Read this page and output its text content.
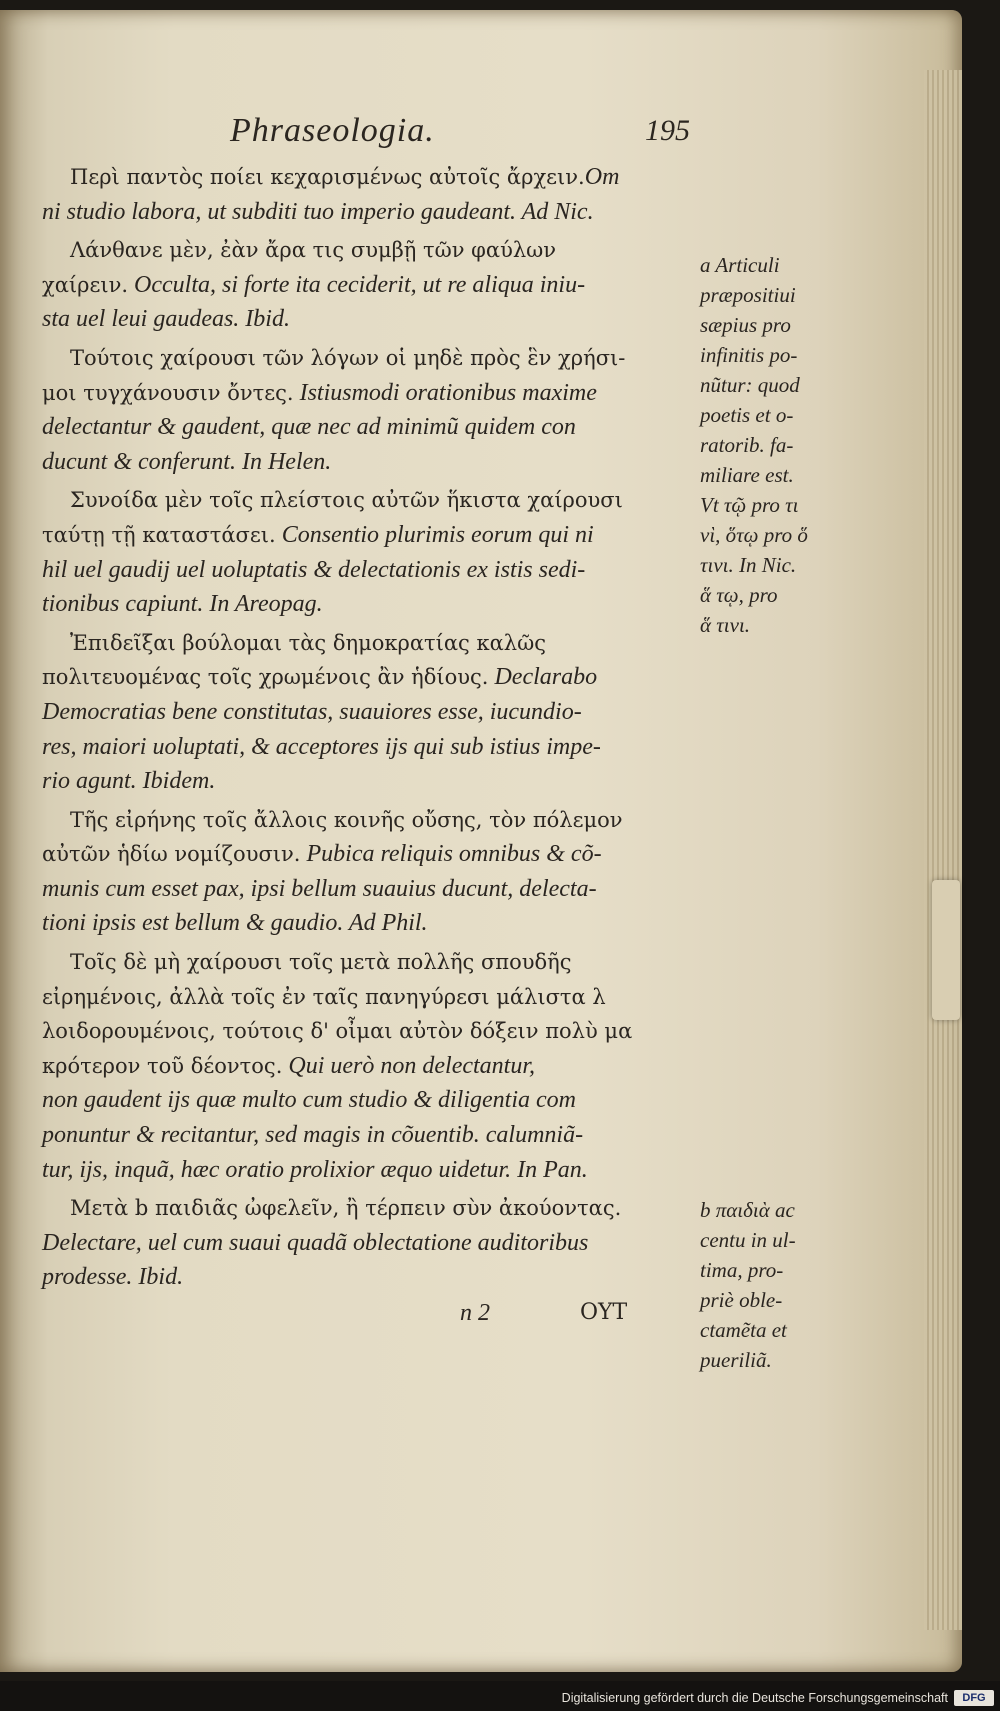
Phraseologia.	195
Περὶ παντὸς ποίει κεχαρισμένως αὐτοῖς ἄρχειν.Om
ni studio labora, ut subditi tuo imperio gaudeant. Ad Nic.
Λάνθανε μὲν, ἐὰν ἄρα τις συμβῇ τῶν φαύλων
χαίρειν. Occulta, si forte ita ceciderit, ut re aliqua iniu-
sta uel leui gaudeas. Ibid.
Τούτοις χαίρουσι τῶν λόγων οἱ μηδὲ πρὸς ἓν χρήσι-
μοι τυγχάνουσιν ὄντες. Istiusmodi orationibus maxime
delectantur & gaudent, quæ nec ad minimũ quidem con
ducunt & conferunt. In Helen.
Συνοίδα μὲν τοῖς πλείστοις αὐτῶν ἥκιστα χαίρουσι
ταύτῃ τῇ καταστάσει. Consentio plurimis eorum qui ni
hil uel gaudij uel uoluptatis & delectationis ex istis sedi-
tionibus capiunt. In Areopag.
Ἐπιδεῖξαι βούλομαι τὰς δημοκρατίας καλῶς
πολιτευομένας τοῖς χρωμένοις ἂν ἡδίους. Declarabo
Democratias bene constitutas, suauiores esse, iucundio-
res, maiori uoluptati, & acceptores ijs qui sub istius impe-
rio agunt. Ibidem.
Τῆς εἰρήνης τοῖς ἄλλοις κοινῆς οὔσης, τὸν πόλεμον
αὐτῶν ἡδίω νομίζουσιν. Pubica reliquis omnibus & cõ-
munis cum esset pax, ipsi bellum suauius ducunt, delecta-
tioni ipsis est bellum & gaudio. Ad Phil.
Τοῖς δὲ μὴ χαίρουσι τοῖς μετὰ πολλῆς σπουδῆς
εἰρημένοις, ἀλλὰ τοῖς ἐν ταῖς πανηγύρεσι μάλιστα λ
λοιδορουμένοις, τούτοις δ' οἶμαι αὐτὸν δόξειν πολὺ μα
κρότερον τοῦ δέοντος. Qui uerò non delectantur,
non gaudent ijs quæ multo cum studio & diligentia com
ponuntur & recitantur, sed magis in cõuentib. calumniã-
tur, ijs, inquã, hæc oratio prolixior æquo uidetur. In Pan.
Μετὰ b παιδιᾶς ὠφελεῖν, ἢ τέρπειν σὺν ἀκούοντας.
Delectare, uel cum suaui quadã oblectatione auditoribus
prodesse. Ibid.
a Articuli
præpositiui
sæpius pro
infinitis po-
nũtur: quod
poetis et o-
ratorib. fa-
miliare est.
Vt τῷ pro τι
νὶ, ὅτῳ pro ὅ
τινι. In Nic.
ἅ τῳ, pro
ἅ τινι.
b παιδιὰ ac
centu in ul-
tima, pro-
priè oble-
ctamẽta et
pueriliã.
n 2	ΟΥΤ
Digitalisierung gefördert durch die Deutsche Forschungsgemeinschaft	DFG
